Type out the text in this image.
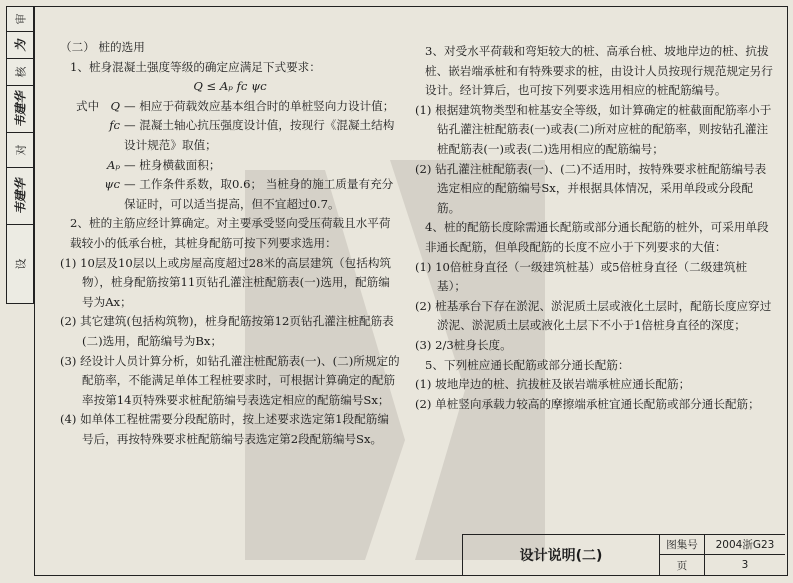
审
为
核
韦建华
对
韦建华
设

（二） 桩的选用

1、桩身混凝土强度等级的确定应满足下式要求：

Q ≤ Aₚ fᴄ ψᴄ

式中 Q — 相应于荷载效应基本组合时的单桩竖向力设计值；
fᴄ — 混凝土轴心抗压强度设计值，按现行《混凝土结构设计规范》取值；
Aₚ — 桩身横截面积；
ψᴄ — 工作条件系数，取0.6； 当桩身的施工质量有充分保证时，可以适当提高，但不宜超过0.7。

2、桩的主筋应经计算确定。对主要承受竖向受压荷载且水平荷载较小的低承台桩，其桩身配筋可按下列要求选用：

(1) 10层及10层以上或房屋高度超过28米的高层建筑（包括构筑物），桩身配筋按第11页钻孔灌注桩配筋表(一)选用，配筋编号为Ax；

(2) 其它建筑(包括构筑物)，桩身配筋按第12页钻孔灌注桩配筋表(二)选用，配筋编号为Bx；

(3) 经设计人员计算分析，如钻孔灌注桩配筋表(一)、(二)所规定的配筋率，不能满足单体工程桩要求时，可根据计算确定的配筋率按第14页特殊要求桩配筋编号表选定相应的配筋编号Sx；

(4) 如单体工程桩需要分段配筋时，按上述要求选定第1段配筋编号后，再按特殊要求桩配筋编号表选定第2段配筋编号Sx。

3、对受水平荷载和弯矩较大的桩、高承台桩、坡地岸边的桩、抗拔桩、嵌岩端承桩和有特殊要求的桩，由设计人员按现行规范规定另行设计。经计算后，也可按下列要求选用相应的桩配筋编号。

(1) 根据建筑物类型和桩基安全等级，如计算确定的桩截面配筋率小于钻孔灌注桩配筋表(一)或表(二)所对应桩的配筋率，则按钻孔灌注桩配筋表(一)或表(二)选用相应的配筋编号；

(2) 钻孔灌注桩配筋表(一)、(二)不适用时，按特殊要求桩配筋编号表选定相应的配筋编号Sx，并根据具体情况，采用单段或分段配筋。

4、桩的配筋长度除需通长配筋或部分通长配筋的桩外，可采用单段非通长配筋，但单段配筋的长度不应小于下列要求的大值：

(1) 10倍桩身直径（一级建筑桩基）或5倍桩身直径（二级建筑桩基）；

(2) 桩基承台下存在淤泥、淤泥质土层或液化土层时，配筋长度应穿过淤泥、淤泥质土层或液化土层下不小于1倍桩身直径的深度；

(3) 2/3桩身长度。

5、下列桩应通长配筋或部分通长配筋：

(1) 坡地岸边的桩、抗拔桩及嵌岩端承桩应通长配筋；

(2) 单桩竖向承载力较高的摩擦端承桩宜通长配筋或部分通长配筋；

设计说明(二)
图集号	2004浙G23
页	3
